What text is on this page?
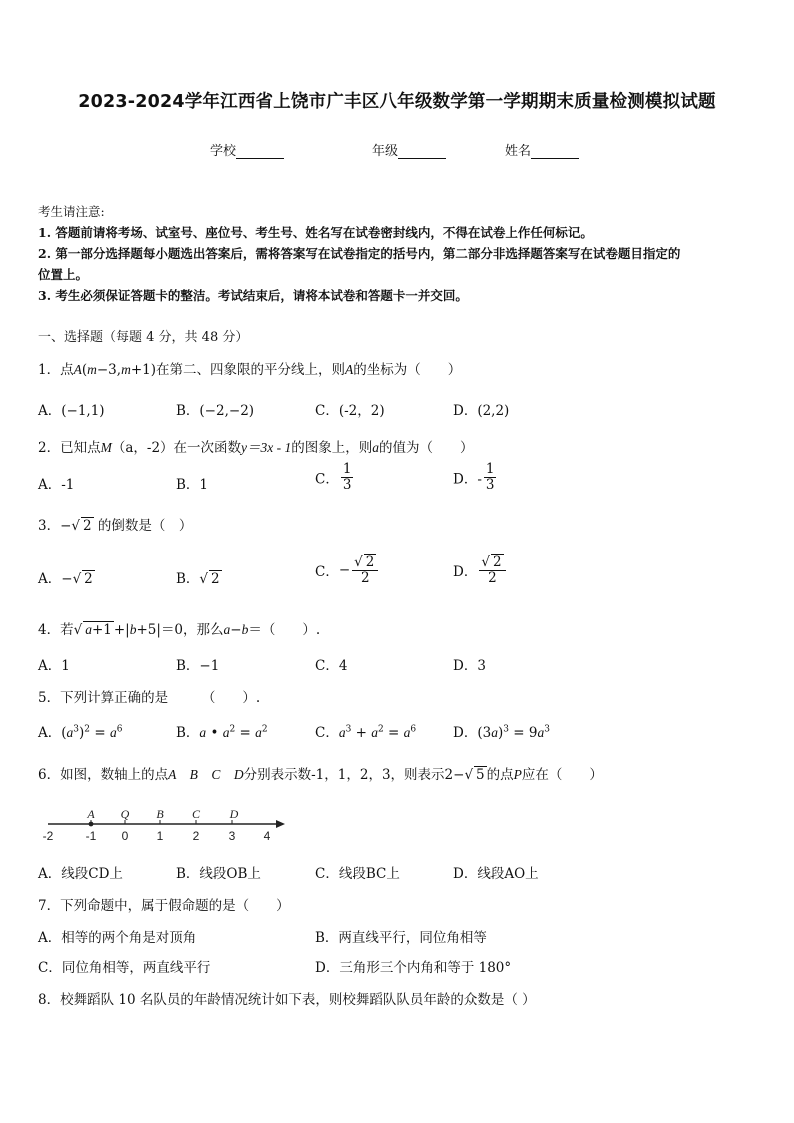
2023-2024学年江西省上饶市广丰区八年级数学第一学期期末质量检测模拟试题
学校	年级	姓名
考生请注意:
1. 答题前请将考场、试室号、座位号、考生号、姓名写在试卷密封线内，不得在试卷上作任何标记。
2. 第一部分选择题每小题选出答案后，需将答案写在试卷指定的括号内，第二部分非选择题答案写在试卷题目指定的
位置上。
3. 考生必须保证答题卡的整洁。考试结束后，请将本试卷和答题卡一并交回。
一、选择题（每题 4 分，共 48 分）
1．点A(m−3,m+1)在第二、四象限的平分线上，则A的坐标为（　　）
A．(−1,1)	B．(−2,−2)	C．(-2，2)	D．(2,2)
2．已知点M（a，-2）在一次函数y＝3x - 1的图象上，则a的值为（　　）
A．-1	B．1	C． $\frac{1}{3}$	D．- $\frac{1}{3}$
3．−√ 2 的倒数是（　）
A．−√ 2	B．√ 2	C．− $\frac{√ 2}{2}$	D． $\frac{√ 2}{2}$
4．若√ a+1 +|b+5|＝0，那么a−b＝（　　）.
A．1	B．−1	C．4	D．3
5．下列计算正确的是　　　（　　）.
A．$(a^3)^2 = a^6$	B．a • $a^2 = a^2$	C．$a^3 + a^2 = a^6$	D．$(3a)^3 = 9a^3$
6．如图，数轴上的点A　B　C　D分别表示数-1，1，2，3，则表示2−√ 5 的点P应在（　　）
-2	-1 0 1 2 3 4
A Q B C D
A．线段CD上	B．线段OB上	C．线段BC上	D．线段AO上
7．下列命题中，属于假命题的是（　　）
A．相等的两个角是对顶角	B．两直线平行，同位角相等
C．同位角相等，两直线平行	D．三角形三个内角和等于 180°
8．校舞蹈队 10 名队员的年龄情况统计如下表，则校舞蹈队队员年龄的众数是（ ）
